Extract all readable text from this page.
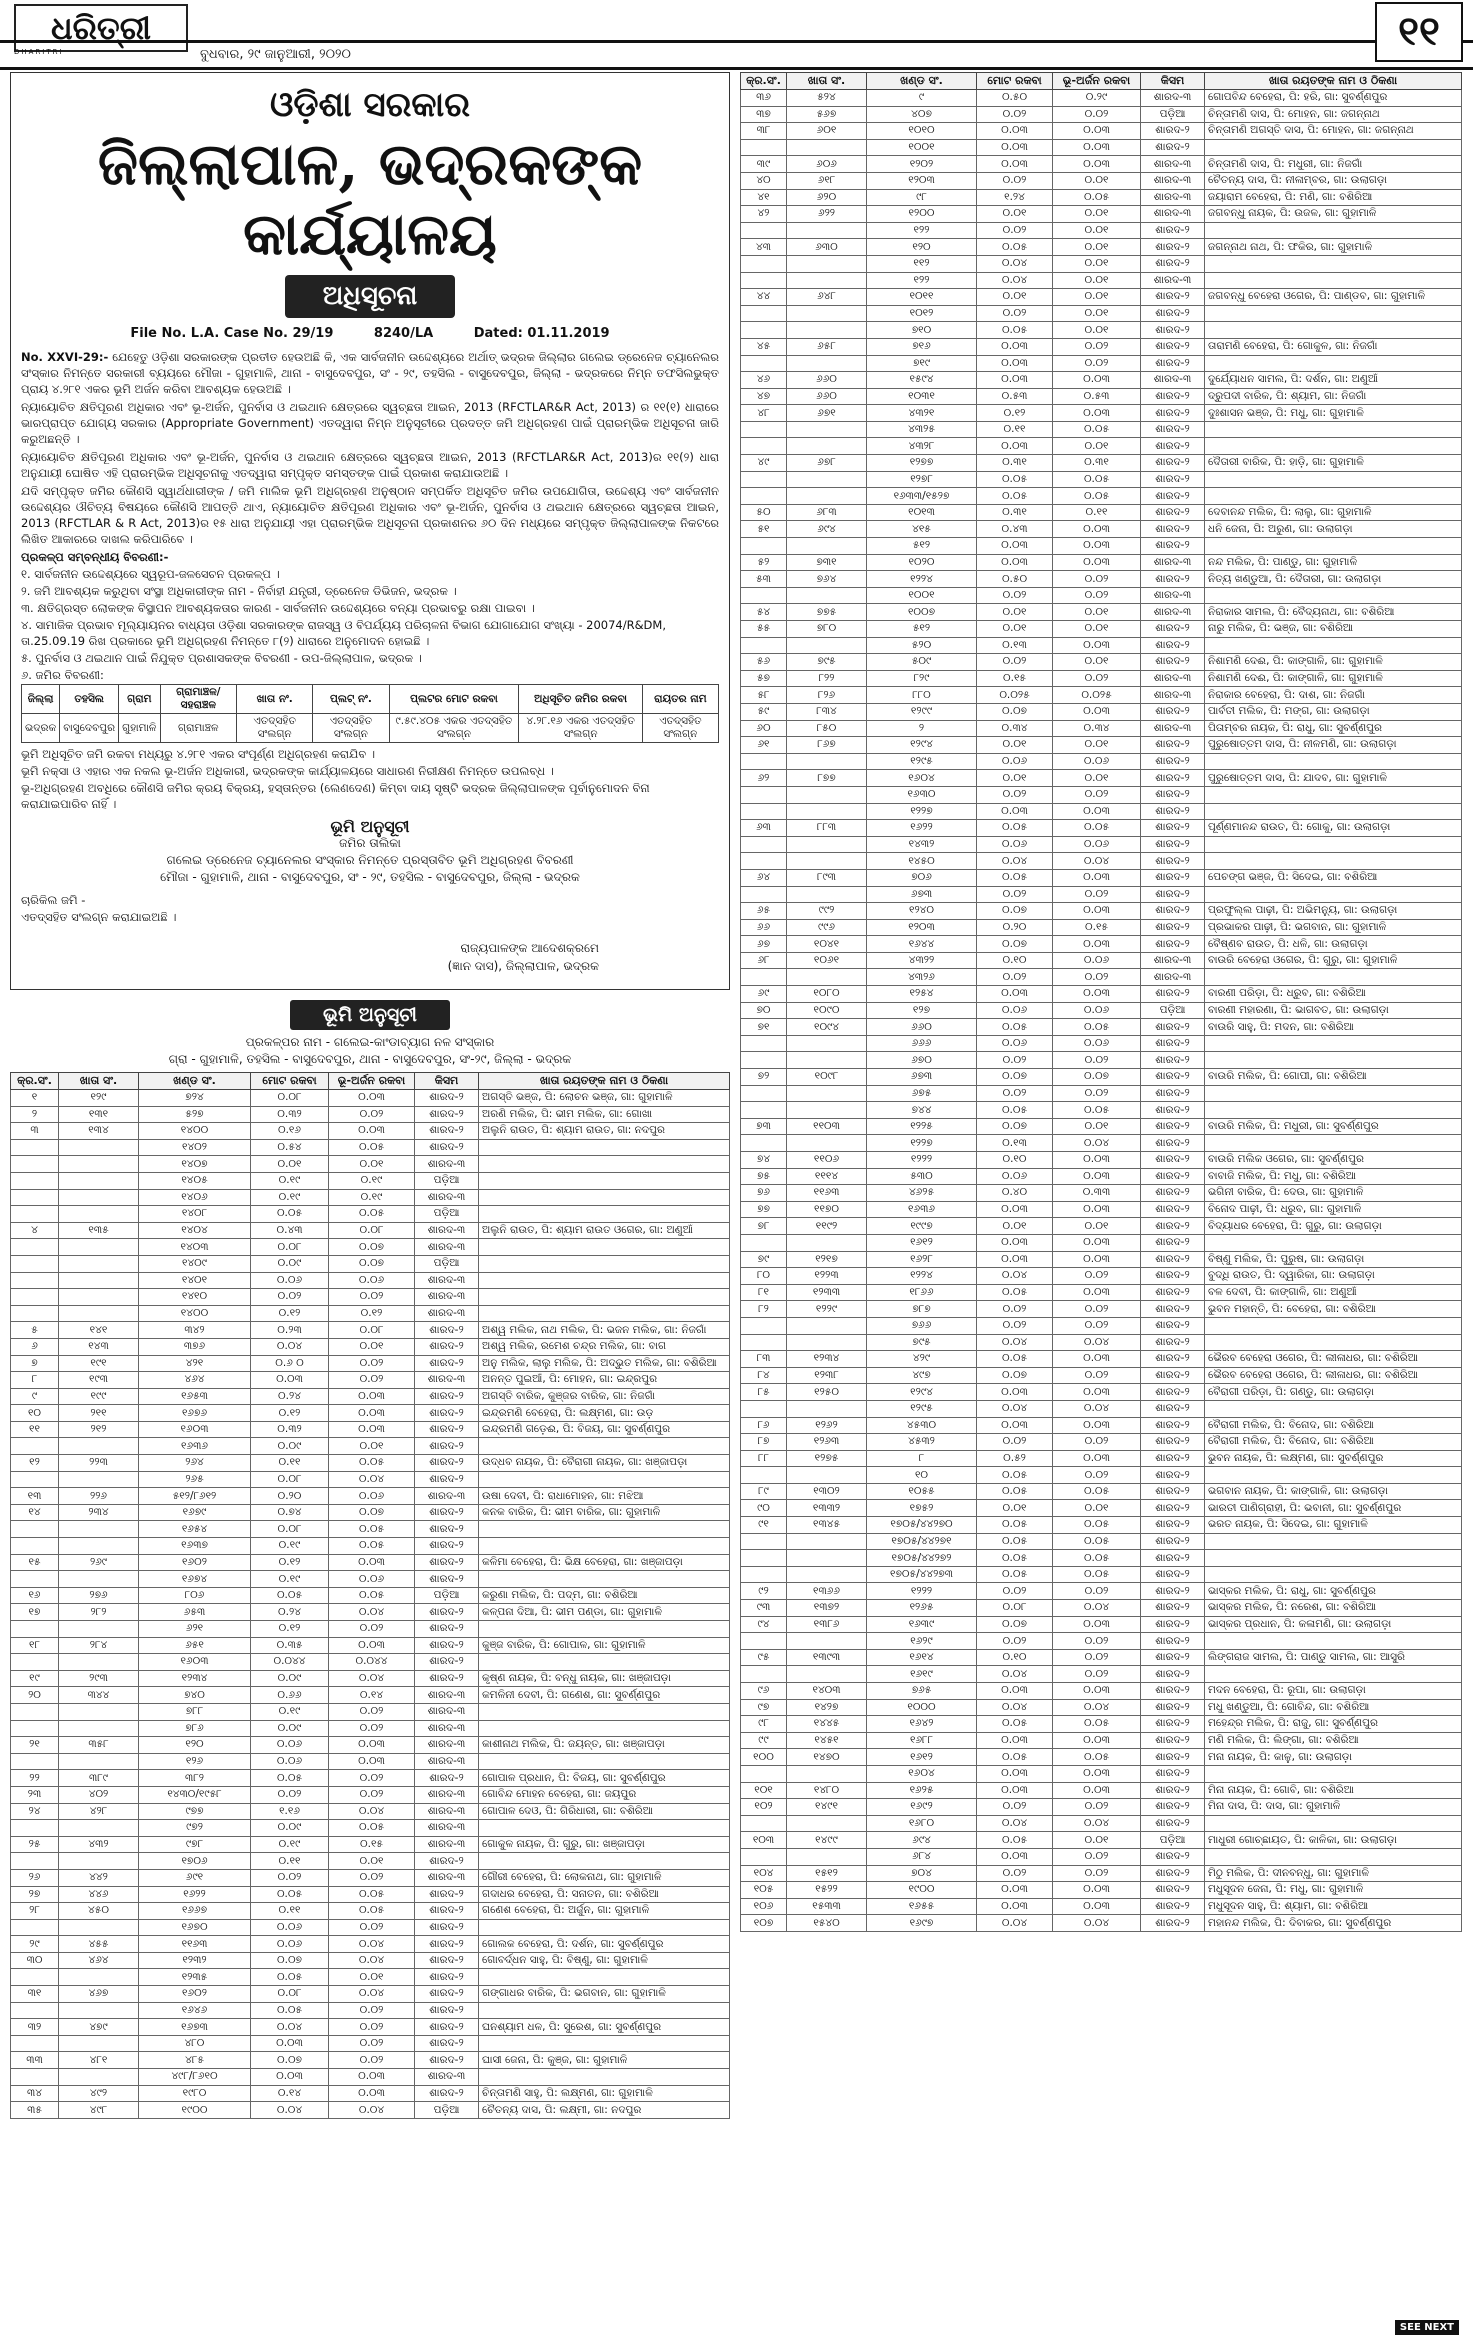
ଧରିତ୍ରୀ
ବୁଧବାର, ୨୯ ଜାନୁଆରୀ, ୨୦୨୦
DHARITRI	୧୧
ଓଡ଼ିଶା ସରକାର
ଜିଲ୍ଲାପାଳ, ଭଦ୍ରକଙ୍କ କାର୍ଯ୍ୟାଳୟ
ଅଧିସୂଚନା
File No. L.A. Case No. 29/19	8240/LA	Dated: 01.11.2019

No. XXVI-29:- ଯେହେତୁ ଓଡ଼ିଶା ସରକାରଙ୍କ ପ୍ରତୀତ ହେଉଅଛି କି, ଏକ ସାର୍ବଜନୀନ ଉଦ୍ଦେଶ୍ୟରେ ଅର୍ଥାତ୍ ଭଦ୍ରକ ଜିଲ୍ଲାର ଗଲେଇ ଡ୍ରେନେଜ ଚ୍ୟାନେଲର ସଂସ୍କାର ନିମନ୍ତେ ସରକାରୀ ବ୍ୟୟରେ ମୌଜା - ଗୁହାମାଳି, ଥାନା - ବାସୁଦେବପୁର, ସଂ - ୨୯, ତହସିଲ - ବାସୁଦେବପୁର, ଜିଲ୍ଲା - ଭଦ୍ରକରେ ନିମ୍ନ ତଫସିଲଭୁକ୍ତ ପ୍ରାୟ ୪.୨୮୧ ଏକର ଭୂମି ଅର୍ଜନ କରିବା ଆବଶ୍ୟକ ହେଉଅଛି ।

ନ୍ୟାୟୋଚିତ କ୍ଷତିପୂରଣ ଅଧିକାର ଏବଂ ଭୂ-ଅର୍ଜନ, ପୁନର୍ବାସ ଓ ଥଇଥାନ କ୍ଷେତ୍ରରେ ସ୍ୱଚ୍ଛତା ଆଇନ, 2013 (RFCTLAR&R Act, 2013) ର ୧୧(୧) ଧାରାରେ ଭାରପ୍ରାପ୍ତ ଯୋଗ୍ୟ ସରକାର (Appropriate Government) ଏତଦ୍ୱାରା ନିମ୍ନ ଅନୁସୂଚୀରେ ପ୍ରଦତ୍ତ ଜମି ଅଧିଗ୍ରହଣ ପାଇଁ ପ୍ରାରମ୍ଭିକ ଅଧିସୂଚନା ଜାରି କରୁଅଛନ୍ତି ।

ନ୍ୟାୟୋଚିତ କ୍ଷତିପୂରଣ ଅଧିକାର ଏବଂ ଭୂ-ଅର୍ଜନ, ପୁନର୍ବାସ ଓ ଥଇଥାନ କ୍ଷେତ୍ରରେ ସ୍ୱଚ୍ଛତା ଆଇନ, 2013 (RFCTLAR&R Act, 2013)ର ୧୧(୨) ଧାରା ଅନୁଯାୟୀ ଘୋଷିତ ଏହି ପ୍ରାରମ୍ଭିକ ଅଧିସୂଚନାକୁ ଏତଦ୍ୱାରା ସମ୍ପୃକ୍ତ ସମସ୍ତଙ୍କ ପାଇଁ ପ୍ରକାଶ କରାଯାଉଅଛି ।

ଯଦି ସମ୍ପୃକ୍ତ ଜମିର କୌଣସି ସ୍ୱାର୍ଥଧାରୀଙ୍କ / ଜମି ମାଲିକ ଭୂମି ଅଧିଗ୍ରହଣ ଅନୁଷ୍ଠାନ ସମ୍ପର୍କିତ ଅଧିସୂଚିତ ଜମିର ଉପଯୋଗିତା, ଉଦ୍ଦେଶ୍ୟ ଏବଂ ସାର୍ବଜନୀନ ଉଦ୍ଦେଶ୍ୟର ଔଚିତ୍ୟ ବିଷୟରେ କୌଣସି ଆପତ୍ତି ଥାଏ, ନ୍ୟାୟୋଚିତ କ୍ଷତିପୂରଣ ଅଧିକାର ଏବଂ ଭୂ-ଅର୍ଜନ, ପୁନର୍ବାସ ଓ ଥଇଥାନ କ୍ଷେତ୍ରରେ ସ୍ୱଚ୍ଛତା ଆଇନ, 2013 (RFCTLAR & R Act, 2013)ର ୧୫ ଧାରା ଅନୁଯାୟୀ ଏହା ପ୍ରାରମ୍ଭିକ ଅଧିସୂଚନା ପ୍ରକାଶନର ୬୦ ଦିନ ମଧ୍ୟରେ ସମ୍ପୃକ୍ତ ଜିଲ୍ଲାପାଳଙ୍କ ନିକଟରେ ଲିଖିତ ଆକାରରେ ଦାଖଲ କରିପାରିବେ ।

ପ୍ରକଳ୍ପ ସମ୍ବନ୍ଧୀୟ ବିବରଣୀ:-

୧. ସାର୍ବଜନୀନ ଉଦ୍ଦେଶ୍ୟରେ ସ୍ୱରୂପ-ଜଳସେଚନ ପ୍ରକଳ୍ପ ।

୨. ଜମି ଆବଶ୍ୟକ କରୁଥିବା ସଂସ୍ଥା ଅଧିକାରୀଙ୍କ ନାମ - ନିର୍ବାହୀ ଯନ୍ତ୍ରୀ, ଡ୍ରେନେଜ ଡିଭିଜନ, ଭଦ୍ରକ ।

୩. କ୍ଷତିଗ୍ରସ୍ତ ଲୋକଙ୍କ ବିସ୍ଥାପନ ଆବଶ୍ୟକତାର କାରଣ - ସାର୍ବଜନୀନ ଉଦ୍ଦେଶ୍ୟରେ ବନ୍ୟା ପ୍ରଭାବରୁ ରକ୍ଷା ପାଇବା ।

୪. ସାମାଜିକ ପ୍ରଭାବ ମୂଲ୍ୟାୟନର ବାଧ୍ୟତା ଓଡ଼ିଶା ସରକାରଙ୍କ ରାଜସ୍ୱ ଓ ବିପର୍ଯ୍ୟୟ ପରିଚାଳନା ବିଭାଗ ଯୋଗାଯୋଗ ସଂଖ୍ୟା - 20074/R&DM, ତା.25.09.19 ରିଖ ପ୍ରକାରେ ଭୂମି ଅଧିଗ୍ରହଣ ନିମନ୍ତେ ୮(୨) ଧାରାରେ ଅନୁମୋଦନ ହୋଇଛି ।

୫. ପୁନର୍ବାସ ଓ ଥଇଥାନ ପାଇଁ ନିଯୁକ୍ତ ପ୍ରଶାସକଙ୍କ ବିବରଣୀ - ଉପ-ଜିଲ୍ଲାପାଳ, ଭଦ୍ରକ ।

୬. ଜମିର ବିବରଣୀ:

ଜିଲ୍ଲା	ତହସିଲ	ଗ୍ରାମ	ଗ୍ରାମାଞ୍ଚଳ/ସହରାଞ୍ଚଳ	ଖାତା ନଂ.	ପ୍ଲଟ୍ ନଂ.	ପ୍ଲଟର ମୋଟ ରକବା	ଅଧିସୂଚିତ ଜମିର ରକବା	ରାୟତର ନାମ
ଭଦ୍ରକ	ବାସୁଦେବପୁର	ଗୁହାମାଳି	ଗ୍ରାମାଞ୍ଚଳ	ଏତଦ୍ସହିତ ସଂଲଗ୍ନ	ଏତଦ୍ସହିତ ସଂଲଗ୍ନ	୯.୫୯.୪୦୫ ଏକର ଏତଦ୍ସହିତ ସଂଲଗ୍ନ	୪.୨୮.୧୬ ଏକର ଏତଦ୍ସହିତ ସଂଲଗ୍ନ	ଏତଦ୍ସହିତ ସଂଲଗ୍ନ

ଭୂମି ଅଧିସୂଚିତ ଜମି ରକବା ମଧ୍ୟରୁ ୪.୨୮୧ ଏକର ସଂପୂର୍ଣ୍ଣ ଅଧିଗ୍ରହଣ କରାଯିବ ।

ଭୂମି ନକ୍ସା ଓ ଏହାର ଏକ ନକଲ ଭୂ-ଅର୍ଜନ ଅଧିକାରୀ, ଭଦ୍ରକଙ୍କ କାର୍ଯ୍ୟାଳୟରେ ସାଧାରଣ ନିରୀକ୍ଷଣ ନିମନ୍ତେ ଉପଲବ୍ଧ ।

ଭୂ-ଅଧିଗ୍ରହଣ ଅବଧିରେ କୌଣସି ଜମିର କ୍ରୟ ବିକ୍ରୟ, ହସ୍ତାନ୍ତର (ଲେଣଦେଣ) କିମ୍ବା ଦାୟ ସୃଷ୍ଟି ଭଦ୍ରକ ଜିଲ୍ଲାପାଳଙ୍କ ପୂର୍ବାନୁମୋଦନ ବିନା କରାଯାଇପାରିବ ନାହିଁ ।

ଭୂମି ଅନୁସୂଚୀ
ଜମିର ତାଲିକା
ଗଲେଇ ଡ୍ରେନେଜ ଚ୍ୟାନେଲର ସଂସ୍କାର ନିମନ୍ତେ ପ୍ରସ୍ତାବିତ ଭୂମି ଅଧିଗ୍ରହଣ ବିବରଣୀ
ମୌଜା - ଗୁହାମାଳି, ଥାନା - ବାସୁଦେବପୁର, ସଂ - ୨୯, ତହସିଲ - ବାସୁଦେବପୁର, ଜିଲ୍ଲା - ଭଦ୍ରକ

ଚାରିକିଲ ଜମି -

ଏତଦ୍ସହିତ ସଂଲଗ୍ନ କରାଯାଇଅଛି ।

ରାଜ୍ୟପାଳଙ୍କ ଆଦେଶକ୍ରମେ
(ଜ୍ଞାନ ଦାସ), ଜିଲ୍ଲାପାଳ, ଭଦ୍ରକ
ଭୂମି ଅନୁସୂଚୀ
ପ୍ରକଳ୍ପର ନାମ - ଗଲେଇ-କାଂଡାବ୍ୟାଗ ନଳ ସଂସ୍କାର
ଗ୍ରା - ଗୁହାମାଳି, ତହସିଲ - ବାସୁଦେବପୁର, ଥାନା - ବାସୁଦେବପୁର, ସଂ-୨୯, ଜିଲ୍ଲା - ଭଦ୍ରକ
କ୍ର.ସଂ.	ଖାତା ସଂ.	ଖଣ୍ଡ ସଂ.	ମୋଟ ରକବା	ଭୂ-ଅର୍ଜନ ରକବା	କିସମ	ଖାତା ରୟତଙ୍କ ନାମ ଓ ଠିକଣା
୧	୧୨୯	୭୨୪	୦.୦୮	୦.୦୩	ଶାରଦ-୨	ଅଗସ୍ତି ଭଞ୍ଜ, ପି: ଲୋଚନ ଭଞ୍ଜ, ଗା: ଗୁହାମାଳି
୨	୧୩୧	୫୨୭	୦.୩୨	୦.୦୨	ଶାରଦ-୨	ଅରଣି ମଲିକ, ପି: ଭୀମ ମଲିକ, ଗା: ଗୋଖା
୩	୧୩୪	୧୪୦୦	୦.୧୬	୦.୦୩	ଶାରଦ-୨	ଅଲୁନି ରାଉତ, ପି: ଶ୍ୟାମ ରାଉତ, ଗା: ନଦପୁର
		୧୪୦୨	୦.୫୪	୦.୦୫	ଶାରଦ-୨	
		୧୪୦୭	୦.୦୧	୦.୦୧	ଶାରଦ-୩	
		୧୪୦୫	୦.୧୯	୦.୧୯	ପଡ଼ିଆ	
		୧୪୦୬	୦.୧୯	୦.୧୯	ଶାରଦ-୩	
		୧୪୦୮	୦.୦୫	୦.୦୫	ପଡ଼ିଆ	
୪	୧୩୫	୧୪୦୪	୦.୪୩	୦.୦୮	ଶାରଦ-୩	ଅଲୁନି ରାଉତ, ପି: ଶ୍ୟାମ ରାଉତ ଓଗେର, ଗା: ଅଣୁଆଁ
		୧୪୦୩	୦.୦୮	୦.୦୭	ଶାରଦ-୩	
		୧୪୦୯	୦.୦୯	୦.୦୭	ପଡ଼ିଆ	
		୧୪୦୧	୦.୦୬	୦.୦୬	ଶାରଦ-୩	
		୧୪୧୦	୦.୦୨	୦.୦୨	ଶାରଦ-୩	
		୧୪୦୦	୦.୧୨	୦.୧୨	ଶାରଦ-୩	
୫	୧୪୧	୩୪୨	୦.୨୩	୦.୦୮	ଶାରଦ-୨	ଅଶ୍ୱ ମଲିକ, ନାଥ ମଲିକ, ପି: ଭଜନ ମଲିକ, ଗା: ନିଜଗାଁ
୬	୧୪୩	୩୭୬	୦.୦୪	୦.୦୧	ଶାରଦ-୨	ଅଶ୍ୱ ମଲିକ, ରମେଶ ଚନ୍ଦ୍ର ମଲିକ, ଗା: ବାଗ
୭	୧୯୧	୪୨୧	୦.୬ ୦	୦.୦୨	ଶାରଦ-୨	ଅନୁ ମଲିକ, ଲାଲୁ ମଲିକ, ପି: ଅଦ୍ଭୁତ ମଲିକ, ଗା: ବଶିରିଆ
୮	୧୯୩	୪୬୪	୦.୦୩	୦.୦୨	ଶାରଦ-୩	ଅନନ୍ତ ପୁଇଆଁ, ପି: ମୋହନ, ଗା: ଇନ୍ଦ୍ରପୁର
୯	୧୯୯	୧୬୫୩	୦.୨୪	୦.୦୩	ଶାରଦ-୨	ଅଗସ୍ତି ବାରିକ, କୁଞ୍ଜର ବାରିକ, ଗା: ନିଜଗାଁ
୧୦	୨୧୧	୧୬୭୬	୦.୧୨	୦.୦୩	ଶାରଦ-୨	ଇନ୍ଦ୍ରମଣି ବେହେରା, ପି: ଲକ୍ଷ୍ମଣ, ଗା: ଉଡ଼
୧୧	୨୧୨	୧୬୦୩	୦.୩୨	୦.୦୩	ଶାରଦ-୨	ଇନ୍ଦ୍ରମଣି ଗଡ଼େଈ, ପି: ବିଜୟ, ଗା: ସୁବର୍ଣ୍ଣପୁର
		୧୬୩୬	୦.୦୯	୦.୦୧	ଶାରଦ-୨	
୧୨	୨୨୩	୨୬୪	୦.୧୧	୦.୦୫	ଶାରଦ-୨	ଉଦ୍ଧବ ନାୟକ, ପି: ବୈରାଗୀ ନାୟକ, ଗା: ଖଞ୍ଜାପଡ଼ା
		୨୬୫	୦.୦୮	୦.୦୪	ଶାରଦ-୨	
୧୩	୨୨୬	୫୧୨/୮୬୧୨	୦.୨୦	୦.୦୬	ଶାରଦ-୩	ଉଷା ଦେବୀ, ପି: ରାଧାମୋହନ, ଗା: ମଝିଆ
୧୪	୨୩୪	୧୬୭୯	୦.୭୪	୦.୦୭	ଶାରଦ-୨	କନକ ବାରିକ, ପି: ଭୀମ ବାରିକ, ଗା: ଗୁହାମାଳି
		୧୬୫୪	୦.୦୮	୦.୦୫	ଶାରଦ-୨	
		୧୬୩୭	୦.୧୯	୦.୦୫	ଶାରଦ-୨	
୧୫	୨୬୯	୧୬୦୨	୦.୧୨	୦.୦୩	ଶାରଦ-୨	କଳିମା ବେହେରା, ପି: ଭିକ୍ଷ ବେହେରା, ଗା: ଖଞ୍ଜାପଡ଼ା
		୧୬୭୪	୦.୧୯	୦.୦୬	ଶାରଦ-୨	
୧୬	୨୭୬	୮୦୬	୦.୦୫	୦.୦୫	ପଡ଼ିଆ	କରୁଣା ମଲିକ, ପି: ପଦ୍ମ, ଗା: ବଶିରିଆ
୧୭	୨୮୨	୬୫୩	୦.୨୪	୦.୦୪	ଶାରଦ-୨	କଳ୍ପନା ଦିଆ, ପି: ଭୀମ ପଣ୍ଡା, ଗା: ଗୁହାମାଳି
		୬୨୧	୦.୧୨	୦.୦୨	ଶାରଦ-୨	
୧୮	୨୮୪	୬୫୧	୦.୩୫	୦.୦୩	ଶାରଦ-୨	କୁଞ୍ଜ ବାରିକ, ପି: ଗୋପାଳ, ଗା: ଗୁହାମାଳି
		୧୬୦୩	୦.୦୪୪	୦.୦୪୪	ଶାରଦ-୨	
୧୯	୨୯୩	୧୨୩୪	୦.୦୯	୦.୦୪	ଶାରଦ-୨	କୃଷ୍ଣ ନାୟକ, ପି: ବନ୍ଧୁ ନାୟକ, ଗା: ଖଞ୍ଜାପଡ଼ା
୨୦	୩୪୪	୭୪୦	୦.୬୬	୦.୧୪	ଶାରଦ-୩	କମଳିନୀ ଦେବୀ, ପି: ଗଣେଶ, ଗା: ସୁବର୍ଣ୍ଣପୁର
		୭୮୮	୦.୧୯	୦.୦୨	ଶାରଦ-୩	
		୭୮୬	୦.୦୯	୦.୦୨	ଶାରଦ-୩	
୨୧	୩୫୮	୧୨୦	୦.୦୬	୦.୦୩	ଶାରଦ-୩	କାଶୀନାଥ ମଲିକ, ପି: ଜୟନ୍ତ, ଗା: ଖଞ୍ଜାପଡ଼ା
		୧୨୬	୦.୦୬	୦.୦୩	ଶାରଦ-୩	
୨୨	୩୮୯	୩୮୨	୦.୦୫	୦.୦୨	ଶାରଦ-୨	ଗୋପାଳ ପ୍ରଧାନ, ପି: ବିଜୟ, ଗା: ସୁବର୍ଣ୍ଣପୁର
୨୩	୪୦୨	୧୪୩୦/୧୯୫୮	୦.୦୨	୦.୦୨	ଶାରଦ-୩	ଗୋବିନ୍ଦ ମୋହନ ବେହେରା, ଗା: ଜୟପୁର
୨୪	୪୨୮	୯୭୭	୧.୧୬	୦.୦୪	ଶାରଦ-୩	ଗୋପାଳ ଦେଓ, ପି: ଗିରିଧାରୀ, ଗା: ବଶିରିଆ
		୯୭୨	୦.୦୯	୦.୦୫	ଶାରଦ-୩	
୨୫	୪୩୨	୯୭୮	୦.୧୯	୦.୧୫	ଶାରଦ-୩	ଗୋକୁଳ ନାୟକ, ପି: ଗୁରୁ, ଗା: ଖଞ୍ଜାପଡ଼ା
		୧୭୦୬	୦.୧୧	୦.୦୧	ଶାରଦ-୨	
୨୬	୪୪୨	୬୯୧	୦.୦୨	୦.୦୨	ଶାରଦ-୩	ଗୌରୀ ବେହେରା, ପି: ଲୋକନାଥ, ଗା: ଗୁହାମାଳି
୨୭	୪୪୬	୧୬୨୨	୦.୦୫	୦.୦୫	ଶାରଦ-୨	ଗଦାଧର ବେହେରା, ପି: ସନାତନ, ଗା: ବଶିରିଆ
୨୮	୪୫୦	୧୬୬୭	୦.୧୧	୦.୦୫	ଶାରଦ-୨	ଗଣେଶ ବେହେରା, ପି: ଅର୍ଜୁନ, ଗା: ଗୁହାମାଳି
		୧୬୭୦	୦.୦୬	୦.୦୨	ଶାରଦ-୨	
୨୯	୪୫୫	୧୧୬୩	୦.୦୬	୦.୦୪	ଶାରଦ-୨	ଗୋଲକ ବେହେରା, ପି: ଦର୍ଶନ, ଗା: ସୁବର୍ଣ୍ଣପୁର
୩୦	୪୬୪	୧୨୩୨	୦.୦୭	୦.୦୪	ଶାରଦ-୨	ଗୋବର୍ଦ୍ଧନ ସାହୁ, ପି: ବିଷ୍ଣୁ, ଗା: ଗୁହାମାଳି
		୧୨୩୫	୦.୦୫	୦.୦୧	ଶାରଦ-୨	
୩୧	୪୬୭	୧୬୦୨	୦.୦୮	୦.୦୪	ଶାରଦ-୨	ଗଙ୍ଗାଧର ବାରିକ, ପି: ଭଗବାନ, ଗା: ଗୁହାମାଳି
		୧୬୪୬	୦.୦୫	୦.୦୨	ଶାରଦ-୨	
୩୨	୪୭୯	୧୬୭୩	୦.୦୪	୦.୦୨	ଶାରଦ-୨	ଘନଶ୍ୟାମ ଧଳ, ପି: ସୁରେଶ, ଗା: ସୁବର୍ଣ୍ଣପୁର
		୪୮୦	୦.୦୩	୦.୦୨	ଶାରଦ-୨	
୩୩	୪୮୧	୪୮୫	୦.୦୭	୦.୦୨	ଶାରଦ-୨	ଘାସୀ ଜେନା, ପି: କୁଞ୍ଜ, ଗା: ଗୁହାମାଳି
		୪୯୮/୮୬୧୦	୦.୦୩	୦.୦୩	ଶାରଦ-୩	
୩୪	୪୯୨	୧୯୮୦	୦.୧୪	୦.୦୩	ଶାରଦ-୨	ଚିନ୍ତାମଣି ସାହୁ, ପି: ଲକ୍ଷ୍ମଣ, ଗା: ଗୁହାମାଳି
୩୫	୪୯୮	୧୯୦୦	୦.୦୪	୦.୦୪	ପଡ଼ିଆ	ଚୈତନ୍ୟ ଦାସ, ପି: ଲକ୍ଷ୍ମୀ, ଗା: ନଦପୁର
କ୍ର.ସଂ.	ଖାତା ସଂ.	ଖଣ୍ଡ ସଂ.	ମୋଟ ରକବା	ଭୂ-ଅର୍ଜନ ରକବା	କିସମ	ଖାତା ରୟତଙ୍କ ନାମ ଓ ଠିକଣା
୩୬	୫୨୪	୯	୦.୫୦	୦.୨୯	ଶାରଦ-୩	ଗୋପବିନ୍ଦ ବେହେରା, ପି: ହରି, ଗା: ସୁବର୍ଣ୍ଣପୁର
୩୭	୫୬୭	୪୦୭	୦.୦୨	୦.୦୨	ପଡ଼ିଆ	ଚିନ୍ତାମଣି ଦାସ, ପି: ମୋହନ, ଗା: ଜଗନ୍ନାଥ
୩୮	୬୦୧	୧୦୧୦	୦.୦୩	୦.୦୩	ଶାରଦ-୨	ଚିନ୍ତାମଣି ଅଗସ୍ତି ଦାସ, ପି: ମୋହନ, ଗା: ଜଗନ୍ନାଥ
		୧୦୦୧	୦.୦୩	୦.୦୩	ଶାରଦ-୨	
୩୯	୬୦୬	୧୨୦୨	୦.୦୩	୦.୦୩	ଶାରଦ-୩	ଚିନ୍ତାମଣି ଦାସ, ପି: ମଧୁରୀ, ଗା: ନିଜଗାଁ
୪୦	୬୧୮	୧୨୦୩	୦.୦୨	୦.୦୧	ଶାରଦ-୩	ଚୈତନ୍ୟ ଦାସ, ପି: ନୀଳାମ୍ବର, ଗା: ଉଲାଗଡ଼ା
୪୧	୬୨୦	୯୮	୧.୨୪	୦.୦୫	ଶାରଦ-୩	ଜୟାରାମ ବେହେରା, ପି: ମଣି, ଗା: ବଶିରିଆ
୪୨	୬୨୨	୧୨୦୦	୦.୦୧	୦.୦୧	ଶାରଦ-୩	ଜଗବନ୍ଧୁ ନାୟକ, ପି: ଉଜଳ, ଗା: ଗୁହାମାଳି
		୧୨୨	୦.୦୨	୦.୦୧	ଶାରଦ-୨	
୪୩	୬୩୦	୧୨୦	୦.୦୫	୦.୦୧	ଶାରଦ-୨	ଜଗନ୍ନାଥ ନାଥ, ପି: ଫକିର, ଗା: ଗୁହାମାଳି
		୧୧୨	୦.୦୪	୦.୦୧	ଶାରଦ-୨	
		୧୨୨	୦.୦୪	୦.୦୧	ଶାରଦ-୩	
୪୪	୬୪୮	୧୦୧୧	୦.୦୧	୦.୦୧	ଶାରଦ-୨	ଜଗବନ୍ଧୁ ବେହେରା ଓଗେର, ପି: ପାଣ୍ଡବ, ଗା: ଗୁହାମାଳି
		୧୦୧୨	୦.୦୨	୦.୦୧	ଶାରଦ-୨	
		୭୧୦	୦.୦୫	୦.୦୧	ଶାରଦ-୨	
୪୫	୬୫୮	୭୧୬	୦.୦୩	୦.୦୨	ଶାରଦ-୨	ତାରାମଣି ବେହେରା, ପି: ଗୋକୁଳ, ଗା: ନିଜଗାଁ
		୭୧୯	୦.୦୩	୦.୦୨	ଶାରଦ-୨	
୪୬	୬୬୦	୧୫୯୪	୦.୦୩	୦.୦୩	ଶାରଦ-୩	ଦୁର୍ଯ୍ୟୋଧନ ସାମଲ, ପି: ଦର୍ଶନ, ଗା: ଅଣୁଆଁ
୪୭	୬୬୦	୧୦୩୧	୦.୫୩	୦.୫୩	ଶାରଦ-୨	ଦ୍ରୁପଦୀ ବାରିକ, ପି: ଶ୍ୟାମ, ଗା: ନିଜଗାଁ
୪୮	୬୭୧	୪୩୨୧	୦.୧୨	୦.୦୩	ଶାରଦ-୨	ଦୁଃଶାସନ ଭଞ୍ଜ, ପି: ମଧୁ, ଗା: ଗୁହାମାଳି
		୪୩୨୫	୦.୧୧	୦.୦୫	ଶାରଦ-୨	
		୪୩୨୮	୦.୦୩	୦.୦୧	ଶାରଦ-୨	
୪୯	୬୭୮	୧୨୭୭	୦.୩୧	୦.୩୧	ଶାରଦ-୨	ଦୈତାରୀ ବାରିକ, ପି: ହାଡ଼ି, ଗା: ଗୁହାମାଳି
		୧୨୭୮	୦.୦୫	୦.୦୫	ଶାରଦ-୨	
		୧୬୩୩/୧୫୨୭	୦.୦୫	୦.୦୫	ଶାରଦ-୨	
୫୦	୬୮୩	୧୦୧୩	୦.୩୧	୦.୧୧	ଶାରଦ-୨	ଦେବାନନ୍ଦ ମଲିକ, ପି: ଲାଲୁ, ଗା: ଗୁହାମାଳି
୫୧	୬୯୪	୪୧୫	୦.୪୩	୦.୦୩	ଶାରଦ-୨	ଧନି ଜେନା, ପି: ଅରୁଣ, ଗା: ଉଲାଗଡ଼ା
		୫୧୨	୦.୦୩	୦.୦୩	ଶାରଦ-୨	
୫୨	୭୩୧	୧୦୨୦	୦.୦୩	୦.୦୩	ଶାରଦ-୩	ନନ୍ଦ ମଲିକ, ପି: ପାଣ୍ଡୁ, ଗା: ଗୁହାମାଳି
୫୩	୭୬୪	୧୨୨୪	୦.୫୦	୦.୦୨	ଶାରଦ-୨	ନିତ୍ୟ ଖଣ୍ଡୁଆ, ପି: ଦୈତାରୀ, ଗା: ଉଲାଗଡ଼ା
		୧୦୦୧	୦.୦୨	୦.୦୨	ଶାରଦ-୩	
୫୪	୭୭୫	୧୦୦୭	୦.୦୧	୦.୦୧	ଶାରଦ-୩	ନିରାକାର ସାମଲ, ପି: ବୈଦ୍ୟନାଥ, ଗା: ବଶିରିଆ
୫୫	୭୮୦	୫୧୨	୦.୦୧	୦.୦୧	ଶାରଦ-୨	ନାରୁ ମଲିକ, ପି: ଭଞ୍ଜ, ଗା: ବଶିରିଆ
		୫୨୦	୦.୧୩	୦.୦୩	ଶାରଦ-୨	
୫୬	୭୯୫	୫୦୯	୦.୦୨	୦.୦୧	ଶାରଦ-୨	ନିଶାମଣି ଦେଈ, ପି: କାଙ୍ଗାଳି, ଗା: ଗୁହାମାଳି
୫୭	୮୨୨	୮୨୯	୦.୧୫	୦.୦୨	ଶାରଦ-୩	ନିଶାମଣି ଦେଈ, ପି: କାଙ୍ଗାଳି, ଗା: ଗୁହାମାଳି
୫୮	୮୨୬	୮୮୦	୦.୦୨୫	୦.୦୨୫	ଶାରଦ-୩	ନିରାକାର ବେହେରା, ପି: ଦାଶ, ଗା: ନିଜଗାଁ
୫୯	୮୩୪	୧୨୯୯	୦.୦୭	୦.୦୩	ଶାରଦ-୨	ପାର୍ବତୀ ମଲିକ, ପି: ମଙ୍ଗ, ଗା: ଉଲାଗଡ଼ା
୬୦	୮୫୦	୨	୦.୩୪	୦.୩୪	ଶାରଦ-୩	ପିତାମ୍ବର ନାୟକ, ପି: ରାଧୁ, ଗା: ସୁବର୍ଣ୍ଣପୁର
୬୧	୮୬୭	୧୨୯୪	୦.୦୧	୦.୦୧	ଶାରଦ-୨	ପୁରୁଷୋତ୍ତମ ଦାସ, ପି: ନୀଳମଣି, ଗା: ଉଲାଗଡ଼ା
		୧୨୯୫	୦.୦୬	୦.୦୬	ଶାରଦ-୨	
୬୨	୮୭୭	୧୬୦୪	୦.୦୧	୦.୦୧	ଶାରଦ-୨	ପୁରୁଷୋତ୍ତମ ଦାସ, ପି: ଯାଦବ, ଗା: ଗୁହାମାଳି
		୧୬୩୦	୦.୦୨	୦.୦୨	ଶାରଦ-୨	
		୧୨୨୭	୦.୦୩	୦.୦୩	ଶାରଦ-୨	
୬୩	୮୮୩	୧୬୨୨	୦.୦୫	୦.୦୫	ଶାରଦ-୨	ପୂର୍ଣ୍ଣମାନନ୍ଦ ରାଉତ, ପି: ଗୋକୁ, ଗା: ଉଲାଗଡ଼ା
		୧୪୩୨	୦.୦୬	୦.୦୬	ଶାରଦ-୨	
		୧୪୫୦	୦.୦୪	୦.୦୪	ଶାରଦ-୨	
୬୪	୮୯୩	୭୦୬	୦.୦୫	୦.୦୩	ଶାରଦ-୨	ପେଚଙ୍ଗ ଭଞ୍ଜ, ପି: ସିଦେଇ, ଗା: ବଶିରିଆ
		୬୭୩	୦.୦୨	୦.୦୨	ଶାରଦ-୨	
୬୫	୯୯୨	୧୨୪୦	୦.୦୭	୦.୦୩	ଶାରଦ-୨	ପ୍ରଫୁଲ୍ଲ ପାଢ଼ୀ, ପି: ଅଭିମନ୍ୟୁ, ଗା: ଉଲାଗଡ଼ା
୬୬	୯୯୬	୧୨୦୩	୦.୨୦	୦.୧୫	ଶାରଦ-୨	ପ୍ରଭାକର ପାଢ଼ୀ, ପି: ଭଗବାନ, ଗା: ଗୁହାମାଳି
୬୭	୧୦୪୧	୧୬୪୪	୦.୦୭	୦.୦୩	ଶାରଦ-୨	ବୈଷ୍ଣବ ରାଉତ, ପି: ଧଳି, ଗା: ଉଲାଗଡ଼ା
୬୮	୧୦୬୧	୪୩୨୨	୦.୧୦	୦.୦୬	ଶାରଦ-୩	ବାଉରି ବେହେରା ଓଗେର, ପି: ଗୁରୁ, ଗା: ଗୁହାମାଳି
		୪୩୨୬	୦.୦୨	୦.୦୨	ଶାରଦ-୩	
୬୯	୧୦୮୦	୧୨୫୪	୦.୦୩	୦.୦୩	ଶାରଦ-୨	ବାରଣୀ ପରିଡ଼ା, ପି: ଧ୍ରୁବ, ଗା: ବଶିରିଆ
୭୦	୧୦୯୦	୧୨୭	୦.୦୬	୦.୦୬	ପଡ଼ିଆ	ବାରଣୀ ମହାରଣା, ପି: ଭାଗବତ, ଗା: ଉଲାଗଡ଼ା
୭୧	୧୦୯୪	୬୬୦	୦.୦୫	୦.୦୫	ଶାରଦ-୨	ବାଉରି ସାହୁ, ପି: ମଦନ, ଗା: ବଶିରିଆ
		୬୬୬	୦.୦୬	୦.୦୬	ଶାରଦ-୨	
		୬୭୦	୦.୦୨	୦.୦୨	ଶାରଦ-୨	
୭୨	୧୦୯୮	୬୭୩	୦.୦୭	୦.୦୭	ଶାରଦ-୨	ବାଉରି ମଲିକ, ପି: ଗୋପୀ, ଗା: ବଶିରିଆ
		୬୭୫	୦.୦୨	୦.୦୨	ଶାରଦ-୨	
		୭୪୪	୦.୦୫	୦.୦୫	ଶାରଦ-୨	
୭୩	୧୧୦୩	୧୨୨୫	୦.୦୭	୦.୦୧	ଶାରଦ-୨	ବାଉରି ମଲିକ, ପି: ମଧୁରୀ, ଗା: ସୁବର୍ଣ୍ଣପୁର
		୧୨୨୭	୦.୧୩	୦.୦୪	ଶାରଦ-୨	
୭୪	୧୧୦୬	୧୨୨୨	୦.୧୦	୦.୦୩	ଶାରଦ-୨	ବାଉରି ମଲିକ ଓଗେର, ଗା: ସୁବର୍ଣ୍ଣପୁର
୭୫	୧୧୧୪	୫୩୦	୦.୦୬	୦.୦୩	ଶାରଦ-୨	ବାବାଜି ମଲିକ, ପି: ମଧୁ, ଗା: ବଶିରିଆ
୭୬	୧୧୬୩	୪୬୨୫	୦.୪୦	୦.୩୩	ଶାରଦ-୨	ଭଗିନୀ ବାରିକ, ପି: ଦେଉ, ଗା: ଗୁହାମାଳି
୭୭	୧୧୭୦	୧୬୩୬	୦.୦୩	୦.୦୩	ଶାରଦ-୨	ବିନୋଦ ପାଢ଼ୀ, ପି: ଧ୍ରୁବ, ଗା: ଗୁହାମାଳି
୭୮	୧୧୯୨	୧୯୯୭	୦.୦୧	୦.୦୧	ଶାରଦ-୨	ବିଦ୍ୟାଧର ବେହେରା, ପି: ଗୁରୁ, ଗା: ଉଲାଗଡ଼ା
		୧୬୧୨	୦.୦୩	୦.୦୩	ଶାରଦ-୨	
୭୯	୧୨୧୭	୧୬୨୮	୦.୦୩	୦.୦୩	ଶାରଦ-୨	ବିଷ୍ଣୁ ମଲିକ, ପି: ପୁରୁଷ, ଗା: ଉଲାଗଡ଼ା
୮୦	୧୨୨୩	୧୨୨୪	୦.୦୪	୦.୦୨	ଶାରଦ-୨	ବୁଦ୍ଧି ରାଉତ, ପି: ଦ୍ୱାରିକା, ଗା: ଉଲାଗଡ଼ା
୮୧	୧୨୩୩	୧୮୬୬	୦.୦୫	୦.୦୩	ଶାରଦ-୨	ବଳ ଦେବୀ, ପି: କାଙ୍ଗାଳି, ଗା: ଅଣୁଆଁ
୮୨	୧୨୨୯	୭୮୭	୦.୦୨	୦.୦୨	ଶାରଦ-୨	ଭୁବନ ମହାନ୍ତି, ପି: ବେହେରା, ଗା: ବଶିରିଆ
		୭୬୬	୦.୦୨	୦.୦୨	ଶାରଦ-୨	
		୭୯୫	୦.୦୪	୦.୦୪	ଶାରଦ-୨	
୮୩	୧୨୩୪	୪୨୯	୦.୦୫	୦.୦୩	ଶାରଦ-୨	ଭୈରବ ବେହେରା ଓଗେର, ପି: ଲୀଳାଧର, ଗା: ବଶିରିଆ
୮୪	୧୨୩୮	୪୯୭	୦.୦୭	୦.୦୨	ଶାରଦ-୨	ଭୈରବ ବେହେରା ଓଗେର, ପି: ଲୀଳାଧର, ଗା: ବଶିରିଆ
୮୫	୧୨୫୦	୧୨୯୪	୦.୦୩	୦.୦୩	ଶାରଦ-୨	ବୈରାଗୀ ପରିଡ଼ା, ପି: ଗଣ୍ଡୁ, ଗା: ଉଲାଗଡ଼ା
		୧୨୯୫	୦.୦୪	୦.୦୪	ଶାରଦ-୨	
୮୬	୧୨୬୨	୪୫୩୦	୦.୦୩	୦.୦୩	ଶାରଦ-୨	ବୈରାଗୀ ମଲିକ, ପି: ବିନୋଦ, ଗା: ବଶିରିଆ
୮୭	୧୨୬୩	୪୫୩୨	୦.୦୨	୦.୦୨	ଶାରଦ-୨	ବୈରାଗୀ ମଲିକ, ପି: ବିନୋଦ, ଗା: ବଶିରିଆ
୮୮	୧୨୭୫	୮	୦.୫୨	୦.୦୩	ଶାରଦ-୨	ଭୁବନ ନାୟକ, ପି: ଲକ୍ଷ୍ମଣ, ଗା: ସୁବର୍ଣ୍ଣପୁର
		୧୦	୦.୦୫	୦.୦୨	ଶାରଦ-୨	
୮୯	୧୩୦୨	୧୦୫୫	୦.୦୫	୦.୦୫	ଶାରଦ-୨	ଭଗବାନ ନାୟକ, ପି: କାଙ୍ଗାଳି, ଗା: ଉଲାଗଡ଼ା
୯୦	୧୩୩୨	୧୭୫୨	୦.୦୧	୦.୦୧	ଶାରଦ-୨	ଭାରତୀ ପାଣିଗ୍ରାହୀ, ପି: ଭବାନୀ, ଗା: ସୁବର୍ଣ୍ଣପୁର
୯୧	୧୩୪୫	୧୭୦୫/୪୪୨୭୦	୦.୦୫	୦.୦୫	ଶାରଦ-୨	ଭରତ ନାୟକ, ପି: ସିଦେଇ, ଗା: ଗୁହାମାଳି
		୧୭୦୫/୪୪୨୭୧	୦.୦୫	୦.୦୫	ଶାରଦ-୨	
		୧୭୦୫/୪୪୨୭୨	୦.୦୫	୦.୦୫	ଶାରଦ-୨	
		୧୭୦୫/୪୪୨୭୩	୦.୦୫	୦.୦୫	ଶାରଦ-୨	
୯୨	୧୩୬୬	୧୨୨୨	୦.୦୨	୦.୦୨	ଶାରଦ-୨	ଭାସ୍କର ମଲିକ, ପି: ରାଧୁ, ଗା: ସୁବର୍ଣ୍ଣପୁର
୯୩	୧୩୭୨	୧୨୬୫	୦.୦୮	୦.୦୪	ଶାରଦ-୨	ଭାସ୍କର ମଲିକ, ପି: ନରେଶ, ଗା: ବଶିରିଆ
୯୪	୧୩୮୬	୧୬୩୯	୦.୦୭	୦.୦୩	ଶାରଦ-୨	ଭାସ୍କର ପ୍ରଧାନ, ପି: କଳାମଣି, ଗା: ଉଲାଗଡ଼ା
		୧୬୨୯	୦.୦୨	୦.୦୨	ଶାରଦ-୨	
୯୫	୧୩୯୩	୧୬୧୪	୦.୧୦	୦.୦୨	ଶାରଦ-୨	ଲିଙ୍ଗରାଜ ସାମଲ, ପି: ପାଣ୍ଡୁ ସାମଲ, ଗା: ଆସୁରି
		୧୬୧୯	୦.୦୪	୦.୦୨	ଶାରଦ-୨	
୯୬	୧୪୦୩	୭୬୫	୦.୦୩	୦.୦୩	ଶାରଦ-୨	ମଦନ ବେହେରା, ପି: ରୂପା, ଗା: ଉଲାଗଡ଼ା
୯୭	୧୪୨୭	୧୦୦୦	୦.୦୪	୦.୦୪	ଶାରଦ-୨	ମଧୁ ଖଣ୍ଡୁଆ, ପି: ଗୋବିନ୍ଦ, ଗା: ବଶିରିଆ
୯୮	୧୪୪୫	୧୬୪୨	୦.୦୫	୦.୦୫	ଶାରଦ-୨	ମହେନ୍ଦ୍ର ମଲିକ, ପି: ରାଜୁ, ଗା: ସୁବର୍ଣ୍ଣପୁର
୯୯	୧୪୫୧	୧୬୮୮	୦.୦୩	୦.୦୩	ଶାରଦ-୨	ମଣି ମଲିକ, ପି: ଲିଙ୍ଗା, ଗା: ବଶିରିଆ
୧୦୦	୧୪୭୦	୧୬୧୨	୦.୦୫	୦.୦୫	ଶାରଦ-୨	ମନା ନାୟକ, ପି: କାଳୁ, ଗା: ଉଲାଗଡ଼ା
		୧୬୦୪	୦.୦୩	୦.୦୩	ଶାରଦ-୨	
୧୦୧	୧୪୮୦	୧୬୨୫	୦.୦୩	୦.୦୩	ଶାରଦ-୨	ମିନା ନାୟକ, ପି: ଗୋବି, ଗା: ବଶିରିଆ
୧୦୨	୧୪୯୧	୧୬୯୨	୦.୦୨	୦.୦୨	ଶାରଦ-୨	ମିନା ଦାସ, ପି: ଦାସ, ଗା: ଗୁହାମାଳି
		୧୬୮୦	୦.୦୪	୦.୦୪	ଶାରଦ-୨	
୧୦୩	୧୪୯୯	୬୯୪	୦.୦୫	୦.୦୧	ପଡ଼ିଆ	ମାଧୁରୀ ଗୋଚ୍ଛାୟତ, ପି: କାଳିକା, ଗା: ଉଲାଗଡ଼ା
		୬୮୪	୦.୦୩	୦.୦୨	ଶାରଦ-୨	
୧୦୪	୧୫୧୨	୭୦୪	୦.୦୨	୦.୦୨	ଶାରଦ-୨	ମିଠୁ ମଲିକ, ପି: ଦୀନବନ୍ଧୁ, ଗା: ଗୁହାମାଳି
୧୦୫	୧୫୨୨	୧୯୦୦	୦.୦୩	୦.୦୩	ଶାରଦ-୨	ମଧୁସୂଦନ ଜେନା, ପି: ମଧୁ, ଗା: ଗୁହାମାଳି
୧୦୬	୧୫୩୩	୧୬୫୫	୦.୦୩	୦.୦୩	ଶାରଦ-୨	ମଧୁସୂଦନ ସାହୁ, ପି: ଶ୍ୟାମ, ଗା: ବଶିରିଆ
୧୦୭	୧୫୪୦	୧୬୯୭	୦.୦୪	୦.୦୪	ଶାରଦ-୨	ମହାନନ୍ଦ ମଲିକ, ପି: ଦିବାକର, ଗା: ସୁବର୍ଣ୍ଣପୁର
SEE NEXT
